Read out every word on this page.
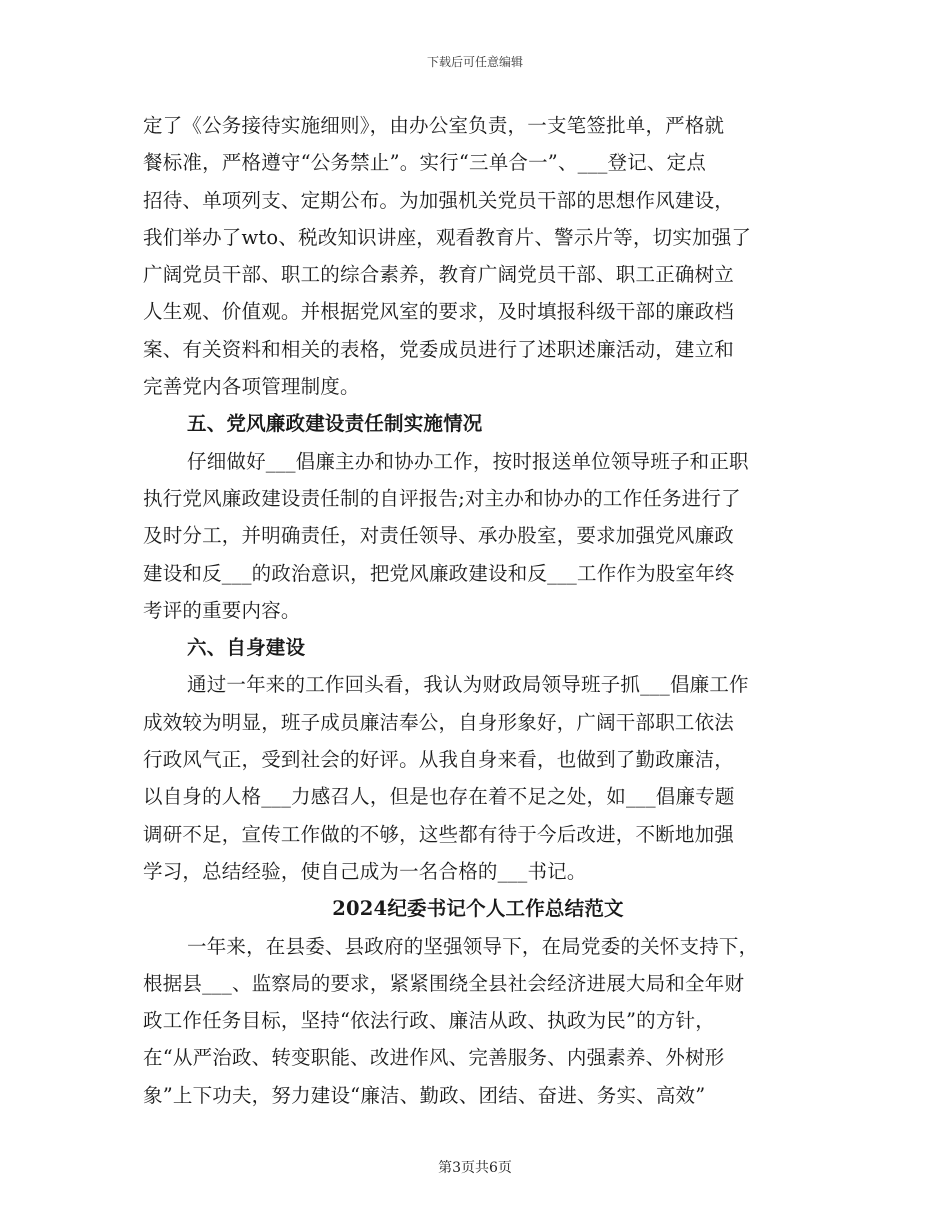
下载后可任意编辑
定了《公务接待实施细则》，由办公室负责，一支笔签批单，严格就
餐标准，严格遵守“公务禁止”。实行“三单合一”、___登记、定点
招待、单项列支、定期公布。为加强机关党员干部的思想作风建设，
我们举办了wto、税改知识讲座，观看教育片、警示片等，切实加强了
广阔党员干部、职工的综合素养，教育广阔党员干部、职工正确树立
人生观、价值观。并根据党风室的要求，及时填报科级干部的廉政档
案、有关资料和相关的表格，党委成员进行了述职述廉活动，建立和
完善党内各项管理制度。
五、党风廉政建设责任制实施情况
仔细做好___倡廉主办和协办工作，按时报送单位领导班子和正职
执行党风廉政建设责任制的自评报告;对主办和协办的工作任务进行了
及时分工，并明确责任，对责任领导、承办股室，要求加强党风廉政
建设和反___的政治意识，把党风廉政建设和反___工作作为股室年终
考评的重要内容。
六、自身建设
通过一年来的工作回头看，我认为财政局领导班子抓___倡廉工作
成效较为明显，班子成员廉洁奉公，自身形象好，广阔干部职工依法
行政风气正，受到社会的好评。从我自身来看，也做到了勤政廉洁，
以自身的人格___力感召人，但是也存在着不足之处，如___倡廉专题
调研不足，宣传工作做的不够，这些都有待于今后改进，不断地加强
学习，总结经验，使自己成为一名合格的___书记。
2024纪委书记个人工作总结范文
一年来，在县委、县政府的坚强领导下，在局党委的关怀支持下，
根据县___、监察局的要求，紧紧围绕全县社会经济进展大局和全年财
政工作任务目标，坚持“依法行政、廉洁从政、执政为民”的方针，
在“从严治政、转变职能、改进作风、完善服务、内强素养、外树形
象”上下功夫，努力建设“廉洁、勤政、团结、奋进、务实、高效”
第3页共6页
